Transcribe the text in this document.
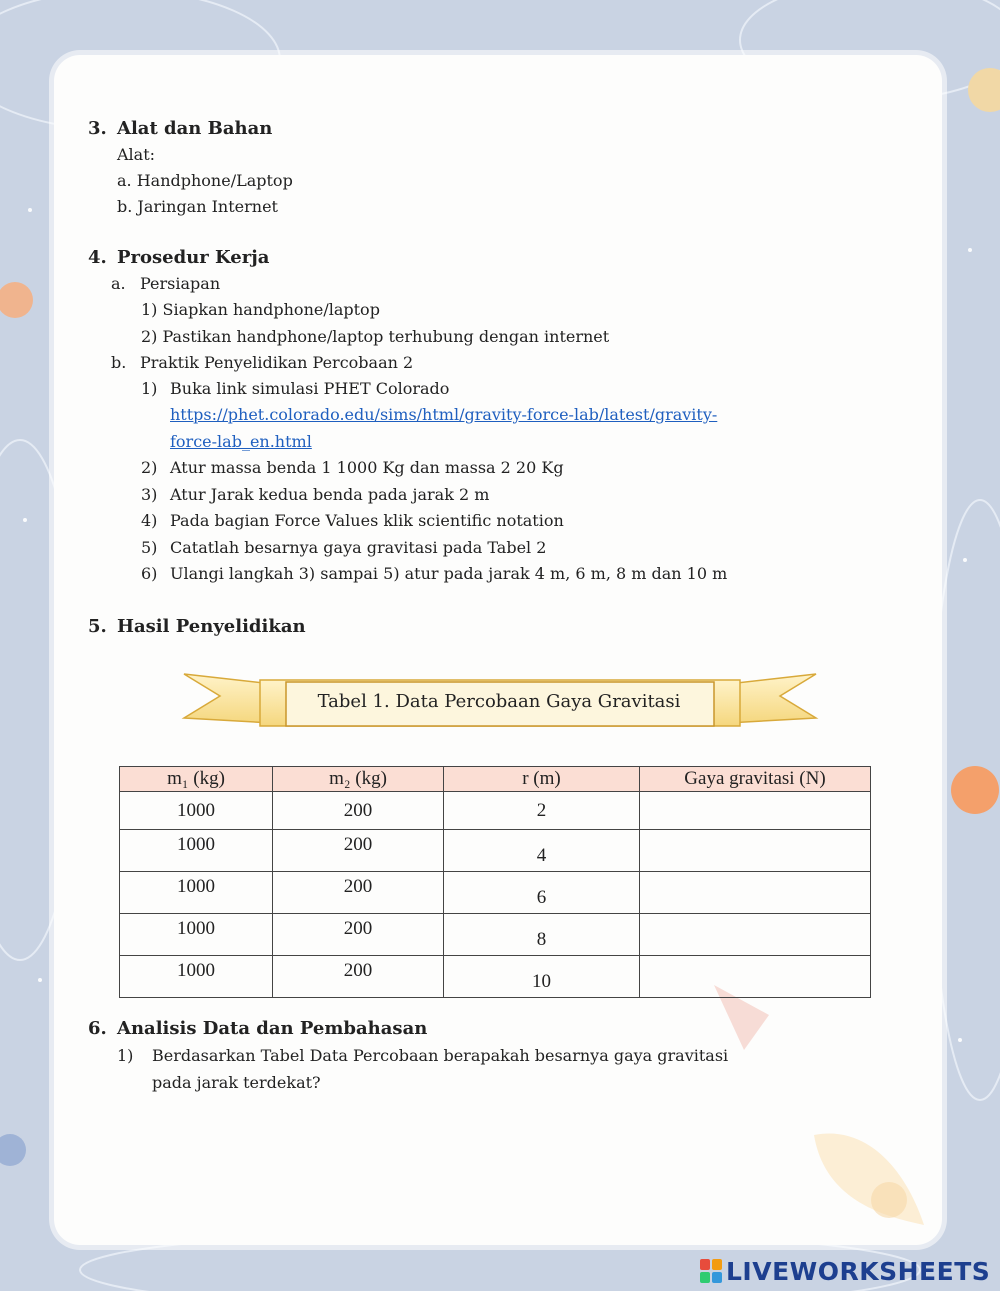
3. Alat dan Bahan
Alat:
a. Handphone/Laptop
b. Jaringan Internet
4. Prosedur Kerja
a. Persiapan
1) Siapkan handphone/laptop
2) Pastikan handphone/laptop terhubung dengan internet
b. Praktik Penyelidikan Percobaan 2
1) Buka link simulasi PHET Colorado
https://phet.colorado.edu/sims/html/gravity-force-lab/latest/gravity-
force-lab_en.html
2) Atur massa benda 1 1000 Kg dan massa 2 20 Kg
3) Atur Jarak kedua benda pada jarak 2 m
4) Pada bagian Force Values klik scientific notation
5) Catatlah besarnya gaya gravitasi pada Tabel 2
6) Ulangi langkah 3) sampai 5) atur pada jarak 4 m, 6 m, 8 m dan 10 m
5. Hasil Penyelidikan
Tabel 1. Data Percobaan Gaya Gravitasi
m₁ (kg)	m₂ (kg)	r (m)	Gaya gravitasi (N)
1000	200	2	
1000	200	4	
1000	200	6	
1000	200	8	
1000	200	10	
6. Analisis Data dan Pembahasan
1) Berdasarkan Tabel Data Percobaan berapakah besarnya gaya gravitasi
pada jarak terdekat?
LIVEWORKSHEETS
